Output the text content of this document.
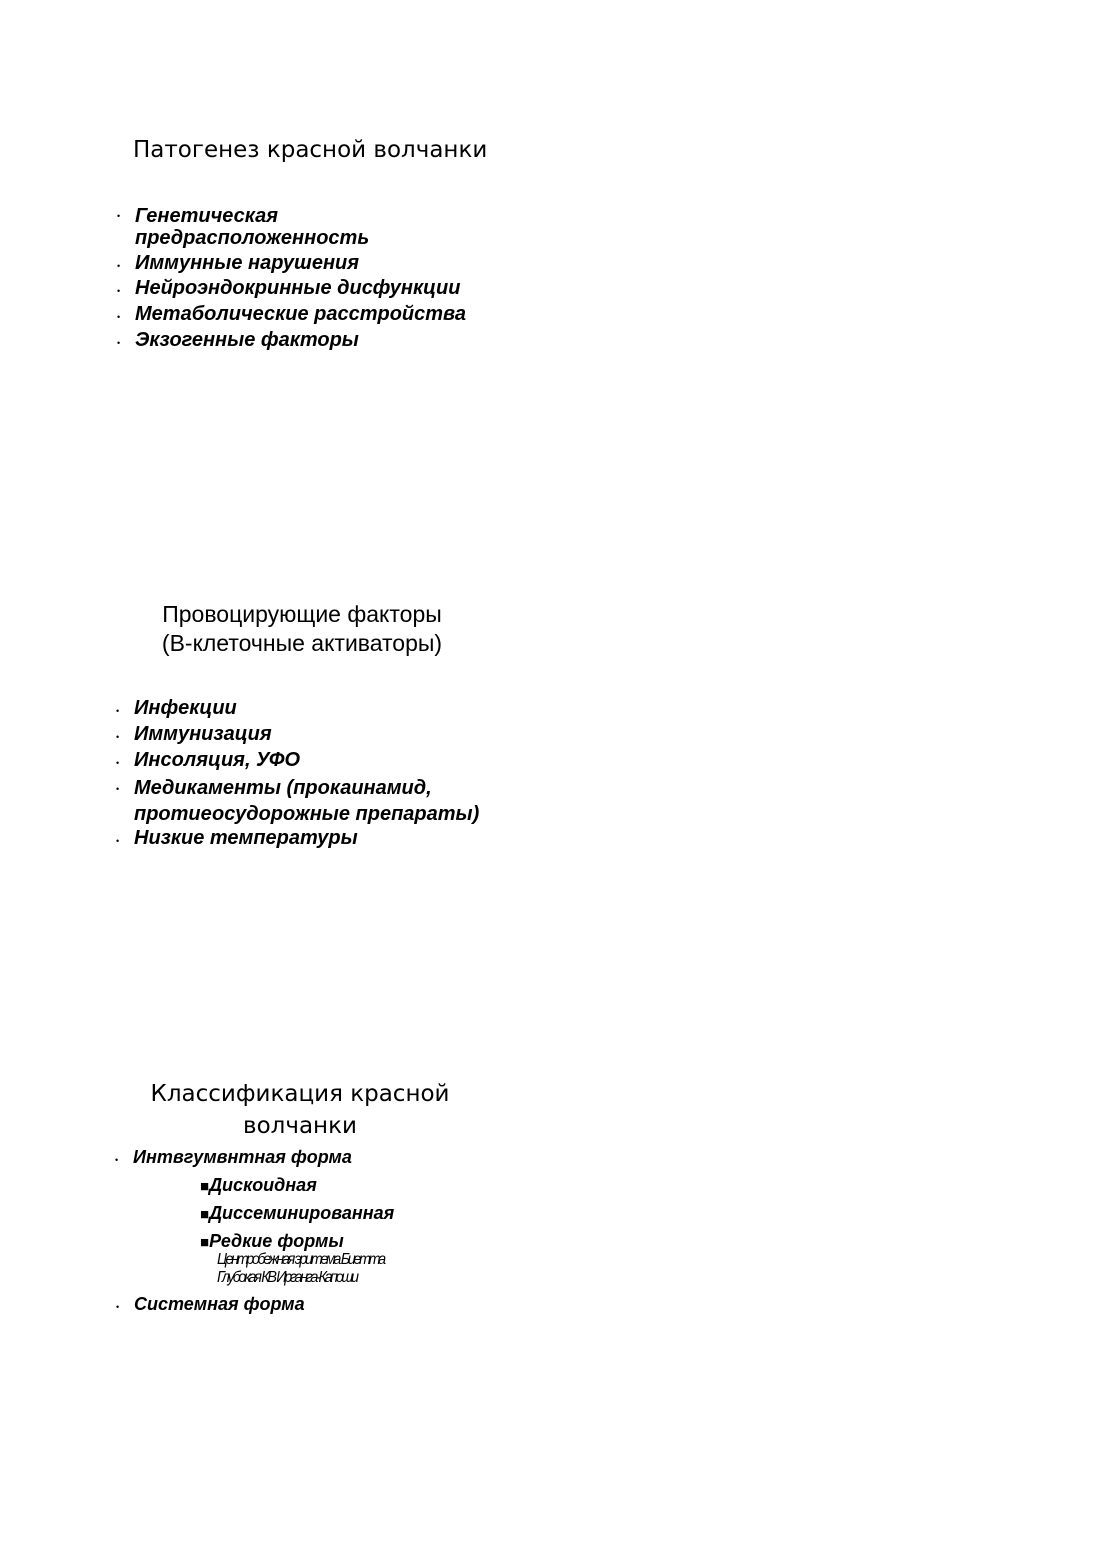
Патогенез красной волчанки
• Генетическая
предрасположенность
• Иммунные нарушения
• Нейроэндокринные дисфункции
• Метаболические расстройства
• Экзогенные факторы
Провоцирующие факторы
(В-клеточные активаторы)
• Инфекции
• Иммунизация
• Инсоляция, УФО
• Медикаменты (прокаинамид,
протиеосудорожные препараты)
• Низкие температуры
Классификация красной
волчанки
• Интвгумвнтная форма
■Дискоидная
■Диссеминированная
■Редкие формы
Центробежная эритема Биетта
Глубокая КВ Ирганга-Капоши
• Системная форма
